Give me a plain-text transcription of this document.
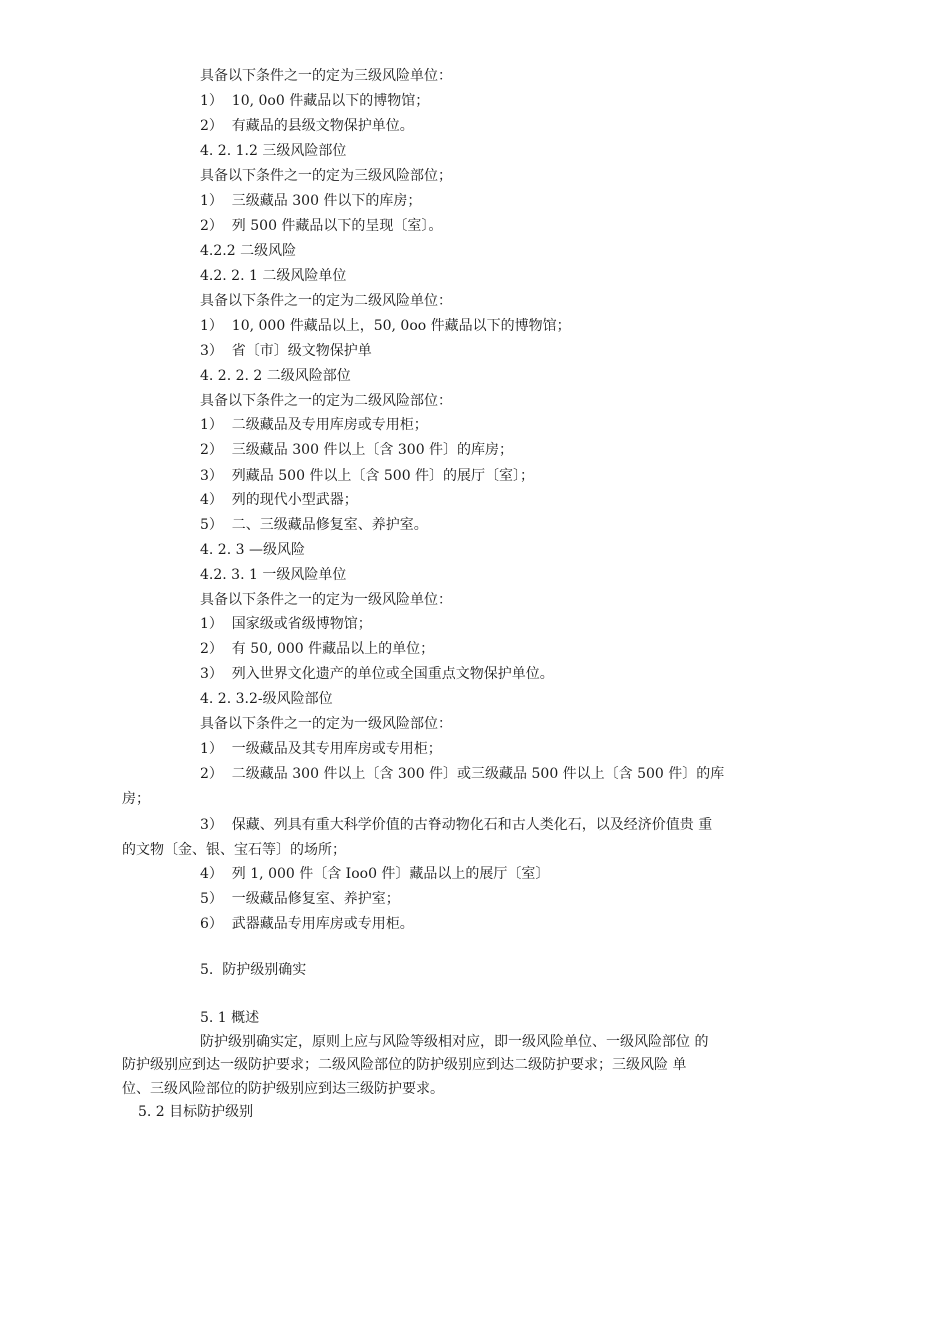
具备以下条件之一的定为三级风险单位：

1）  10, 0o0 件藏品以下的博物馆；

2）  有藏品的县级文物保护单位。

4. 2. 1.2 三级风险部位

具备以下条件之一的定为三级风险部位；

1）  三级藏品 300 件以下的库房；

2）  列 500 件藏品以下的呈现〔室〕。

4.2.2 二级风险

4.2. 2. 1 二级风险单位

具备以下条件之一的定为二级风险单位：

1）  10, 000 件藏品以上，50, 0oo 件藏品以下的博物馆；

3）  省〔市〕级文物保护单

4. 2. 2. 2 二级风险部位

具备以下条件之一的定为二级风险部位：

1）  二级藏品及专用库房或专用柜；

2）  三级藏品 300 件以上〔含 300 件〕的库房；

3）  列藏品 500 件以上〔含 500 件〕的展厅〔室〕；

4）  列的现代小型武器；

5）  二、三级藏品修复室、养护室。

4. 2. 3 —级风险

4.2. 3. 1 一级风险单位

具备以下条件之一的定为一级风险单位：

1）  国家级或省级博物馆；

2）  有 50, 000 件藏品以上的单位；

3）  列入世界文化遗产的单位或全国重点文物保护单位。

4. 2. 3.2-级风险部位

具备以下条件之一的定为一级风险部位：

1）  一级藏品及其专用库房或专用柜；

2）  二级藏品 300 件以上〔含 300 件〕或三级藏品 500 件以上〔含 500 件〕的库

房；

3）  保藏、列具有重大科学价值的古脊动物化石和古人类化石，以及经济价值贵 重

的文物〔金、银、宝石等〕的场所；

4）  列 1, 000 件〔含 Ioo0 件〕藏品以上的展厅〔室〕

5）  一级藏品修复室、养护室；

6）  武器藏品专用库房或专用柜。

5.  防护级别确实

5. 1 概述

防护级别确实定，原则上应与风险等级相对应，即一级风险单位、一级风险部位 的

防护级别应到达一级防护要求；二级风险部位的防护级别应到达二级防护要求；三级风险 单

位、三级风险部位的防护级别应到达三级防护要求。

5. 2 目标防护级别
